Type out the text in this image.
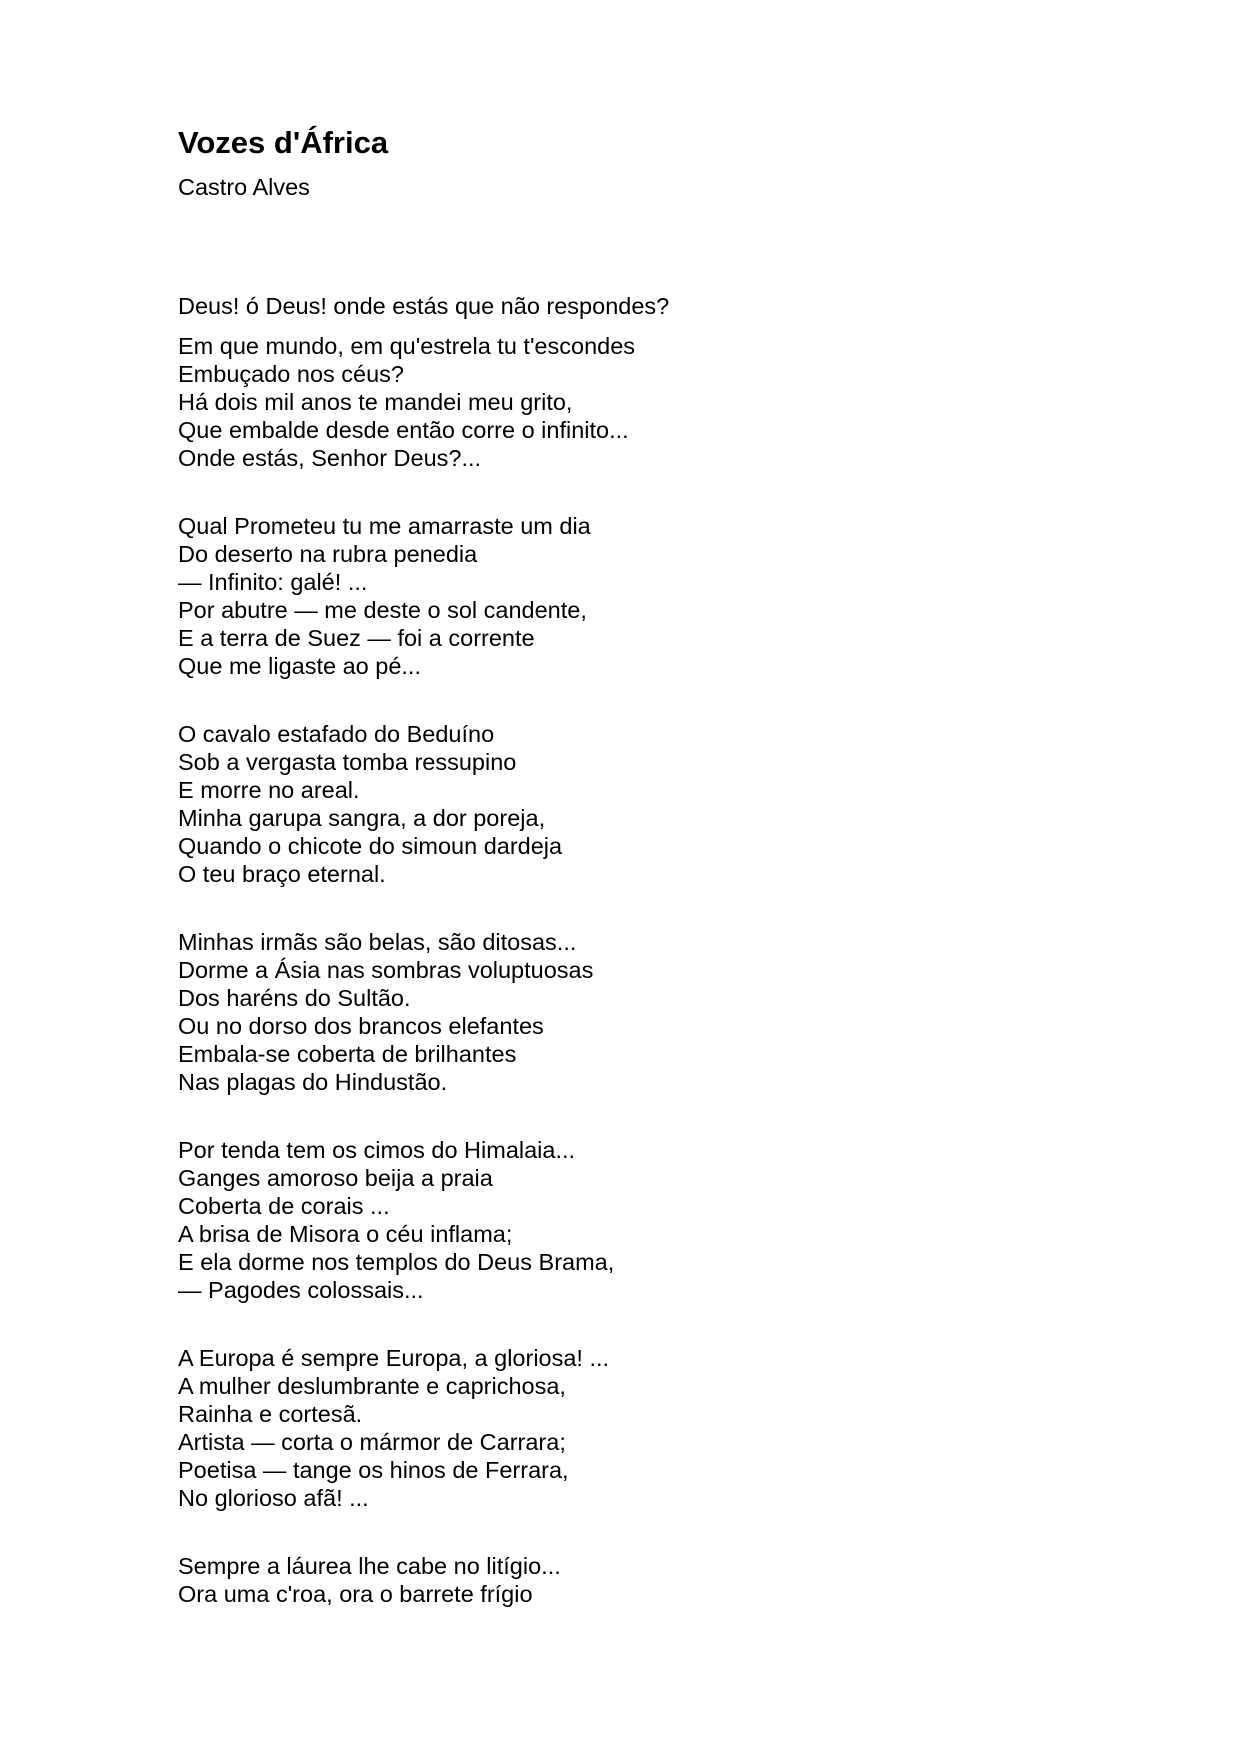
Vozes d'África
Castro Alves
Deus! ó Deus! onde estás que não respondes?
Em que mundo, em qu'estrela tu t'escondes
Embuçado nos céus?
Há dois mil anos te mandei meu grito,
Que embalde desde então corre o infinito...
Onde estás, Senhor Deus?...
Qual Prometeu tu me amarraste um dia
Do deserto na rubra penedia
— Infinito: galé! ...
Por abutre — me deste o sol candente,
E a terra de Suez — foi a corrente
Que me ligaste ao pé...
O cavalo estafado do Beduíno
Sob a vergasta tomba ressupino
E morre no areal.
Minha garupa sangra, a dor poreja,
Quando o chicote do simoun dardeja
O teu braço eternal.
Minhas irmãs são belas, são ditosas...
Dorme a Ásia nas sombras voluptuosas
Dos haréns do Sultão.
Ou no dorso dos brancos elefantes
Embala-se coberta de brilhantes
Nas plagas do Hindustão.
Por tenda tem os cimos do Himalaia...
Ganges amoroso beija a praia
Coberta de corais ...
A brisa de Misora o céu inflama;
E ela dorme nos templos do Deus Brama,
— Pagodes colossais...
A Europa é sempre Europa, a gloriosa! ...
A mulher deslumbrante e caprichosa,
Rainha e cortesã.
Artista — corta o mármor de Carrara;
Poetisa — tange os hinos de Ferrara,
No glorioso afã! ...
Sempre a láurea lhe cabe no litígio...
Ora uma c'roa, ora o barrete frígio
